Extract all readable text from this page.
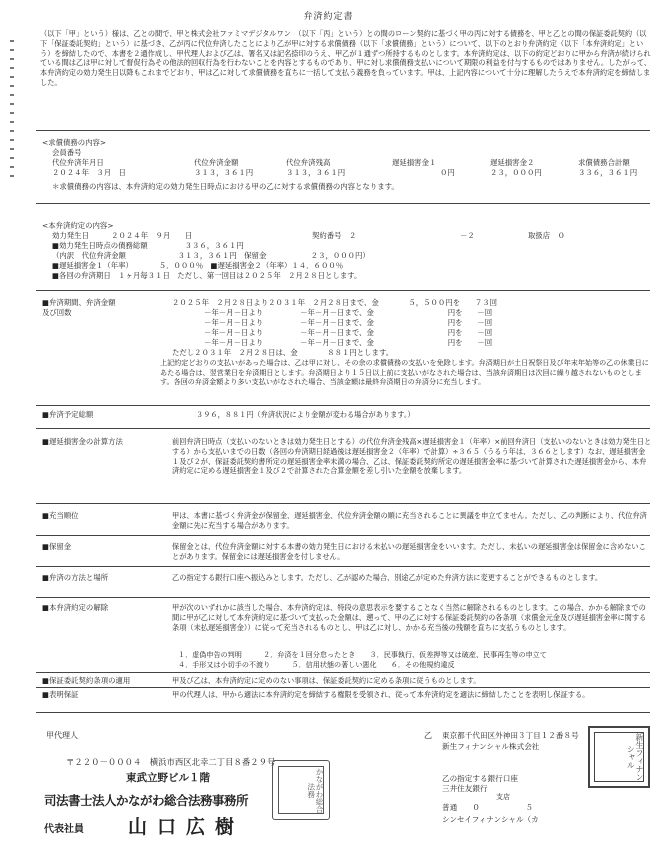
弁済約定書
（以下「甲」という）様は、乙との間で、甲と株式会社ファミマデジタルワン　（以下「丙」という）との間のローン契約に基づく甲の丙に対する債務を、甲と乙との間の保証委託契約（以下「保証委託契約」という）に基づき、乙が丙に代位弁済したことにより乙が甲に対する求償債務（以下「求償債務」という）について、以下のとおり弁済約定（以下「本弁済約定」という）を締結したので、本書を２通作成し、甲代理人および乙は、署名又は記名捺印のうえ、甲乙が１通ずつ所持するものとします。本弁済約定は、以下の約定どおりに甲から弁済が続けられている間は乙は甲に対して督促行為その他法的回収行為を行わないことを内容とするものであり、甲に対し求償債務支払いについて期限の利益を付与するものではありません。したがって、本弁済約定の効力発生日以降もこれまでどおり、甲は乙に対して求償債務を直ちに一括して支払う義務を負っています。甲は、上記内容について十分に理解したうえで本弁済約定を締結しました。
<求償債務の内容>
会員番号
代位弁済年月日	代位弁済金額	代位弁済残高	遅延損害金１	遅延損害金２	求償債務合計額
２０２４年　３月　日	３１３，３６１円	３１３，３６１円	０円	２３，０００円	３３６，３６１円
＊求償債務の内容は、本弁済約定の効力発生日時点における甲の乙に対する求償債務の内容となります。
<本弁済約定の内容>
効力発生日　　　２０２４年　９月　　日	契約番号　２	－２	取扱店　０
■効力発生日時点の債務総額　　　　　３３６，３６１円
（内訳　代位弁済金額　　　　　　　３１３，３６１円　保留金　　　　　　２３，０００円）
■遅延損害金１（年率）　　　　５．０００％　■遅延損害金２（年率）１４．６００％
■各回の弁済期日　１ヶ月毎３１日　ただし、第一回目は２０２５年　２月２８日とします。
■弁済期間、弁済金額
及び回数
２０２５年　２月２８日より２０３１年　２月２８日まで、金　　　　５，５００円を　　７３回
－年－月－日より　　　　　－年－月－日まで、金　　　　　　　　　　円を　　－回
－年－月－日より　　　　　－年－月－日まで、金　　　　　　　　　　円を　　－回
－年－月－日より　　　　　－年－月－日まで、金　　　　　　　　　　円を　　－回
－年－月－日より　　　　　－年－月－日まで、金　　　　　　　　　　円を　　－回
ただし２０３１年　２月２８日は、金　　　　８８１円とします。
上記約定どおりの支払いがあった場合は、乙は甲に対し、その余の求償債務の支払いを免除します。弁済期日が土日祝祭日及び年末年始等の乙の休業日にあたる場合は、翌営業日を弁済期日とします。弁済期日より１５日以上前に支払いがなされた場合は、当該弁済期日は次回に繰り越されないものとします。各回の弁済金額より多い支払いがなされた場合、当該金額は最終弁済期日の弁済分に充当します。
■弁済予定総額	３９６，８８１円（弁済状況により金額が変わる場合があります。）
■遅延損害金の計算方法	前回弁済日時点（支払いのないときは効力発生日とする）の代位弁済金残高×遅延損害金１（年率）×前回弁済日（支払いのないときは効力発生日とする）から支払いまでの日数（各回の弁済期日経過後は遅延損害金２（年率）で計算）÷３６５（うるう年は、３６６とします）なお、遅延損害金１及び２が、保証委託契約書所定の遅延損害金率未満の場合、乙は、保証委託契約所定の遅延損害金率に基づいて計算された遅延損害金から、本弁済約定に定める遅延損害金１及び２で計算された合算金額を差し引いた金額を放棄します。
■充当順位	甲は、本書に基づく弁済金が保留金、遅延損害金、代位弁済金額の順に充当されることに異議を申立てません。ただし、乙の判断により、代位弁済金額に先に充当する場合があります。
■保留金	保留金とは、代位弁済金額に対する本書の効力発生日における未払いの遅延損害金をいいます。ただし、未払いの遅延損害金は保留金に含めないことがあります。保留金には遅延損害金を付しません。
■弁済の方法と場所	乙の指定する銀行口座へ振込みとします。ただし、乙が認めた場合、別途乙が定めた弁済方法に変更することができるものとします。
■本弁済約定の解除	甲が次のいずれかに該当した場合、本弁済約定は、特段の意思表示を要することなく当然に解除されるものとします。この場合、かかる解除までの間に甲が乙に対して本弁済約定に基づいて支払った金額は、遡って、甲の乙に対する保証委託契約の各条項（求償金元金及び遅延損害金率に関する条項（未払遅延損害金））に従って充当されるものとし、甲は乙に対し、かかる充当後の残額を直ちに支払うものとします。
１．虚偽申告の判明　　　２．弁済を１回分怠ったとき　　３．民事執行、仮差押等又は破産、民事再生等の申立て
４．手形又は小切手の不渡り　　　５．信用状態の著しい悪化　　６．その他規約違反
■保証委託契約条項の適用	甲及び乙は、本弁済約定に定めのない事項は、保証委託契約に定める条項に従うものとします。
■表明保証	甲の代理人は、甲から適法に本弁済約定を締結する権限を受領され、従って本弁済約定を適法に締結したことを表明し保証する。
甲代理人
〒２２０－０００４　横浜市西区北幸二丁目８番２９号
東武立野ビル１階
司法書士法人かながわ総合法務事務所
代表社員 山口広樹
かながわ総合法務
乙 東京都千代田区外神田３丁目１２番８号
新生フィナンシャル株式会社	新生フィナンシャル
乙の指定する銀行口座
三井住友銀行
支店
普通　　０　　　　　　５
シンセイフィナンシャル（カ
